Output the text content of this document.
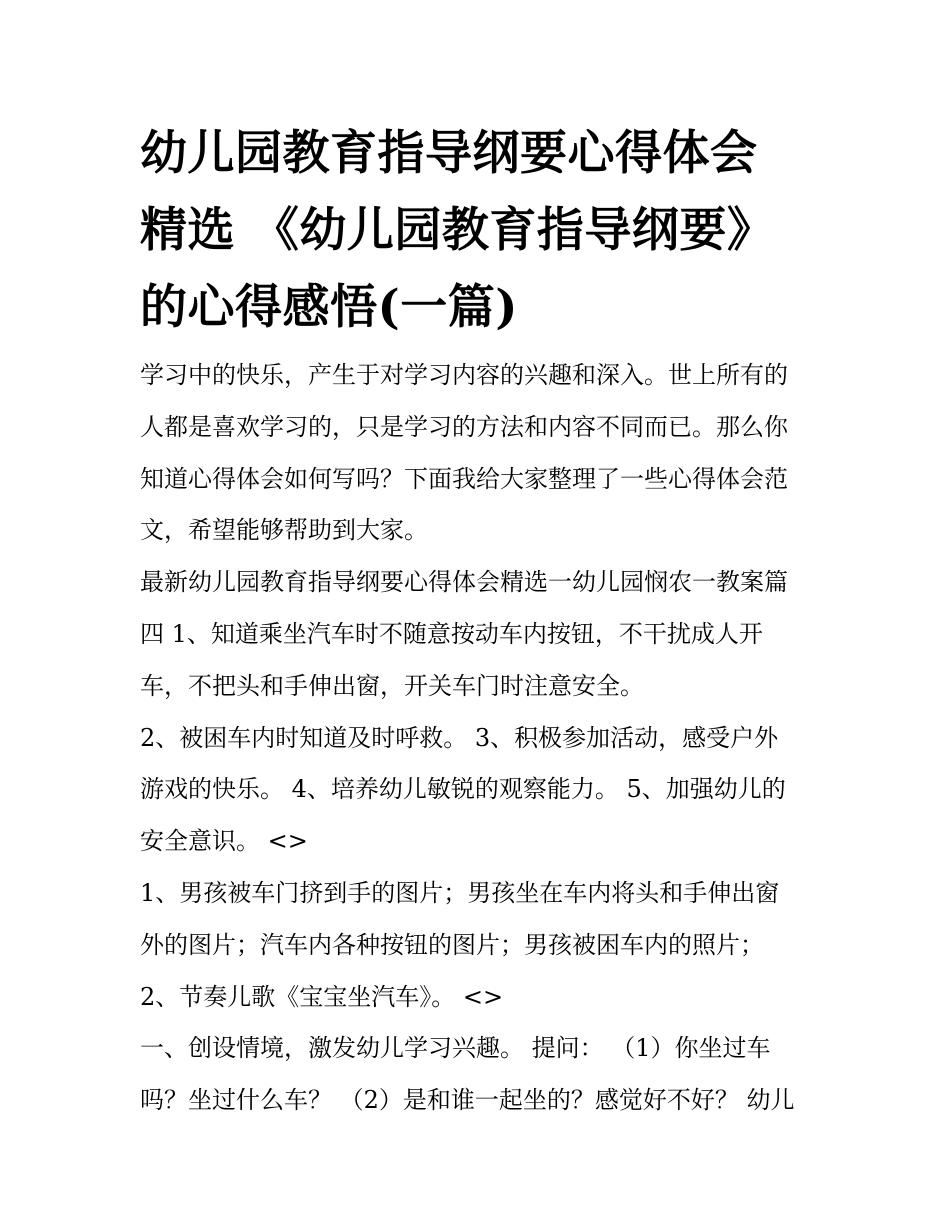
幼儿园教育指导纲要心得体会
精选 《幼儿园教育指导纲要》
的心得感悟(一篇)
学习中的快乐，产生于对学习内容的兴趣和深入。世上所有的
人都是喜欢学习的，只是学习的方法和内容不同而已。那么你
知道心得体会如何写吗？下面我给大家整理了一些心得体会范
文，希望能够帮助到大家。
最新幼儿园教育指导纲要心得体会精选一幼儿园悯农一教案篇
四 1、知道乘坐汽车时不随意按动车内按钮，不干扰成人开
车，不把头和手伸出窗，开关车门时注意安全。
2、被困车内时知道及时呼救。 3、积极参加活动，感受户外
游戏的快乐。 4、培养幼儿敏锐的观察能力。 5、加强幼儿的
安全意识。 <>
1、男孩被车门挤到手的图片；男孩坐在车内将头和手伸出窗
外的图片；汽车内各种按钮的图片；男孩被困车内的照片；
2、节奏儿歌《宝宝坐汽车》。 <>
一、创设情境，激发幼儿学习兴趣。 提问： （1）你坐过车
吗？坐过什么车？ （2）是和谁一起坐的？感觉好不好？ 幼儿
